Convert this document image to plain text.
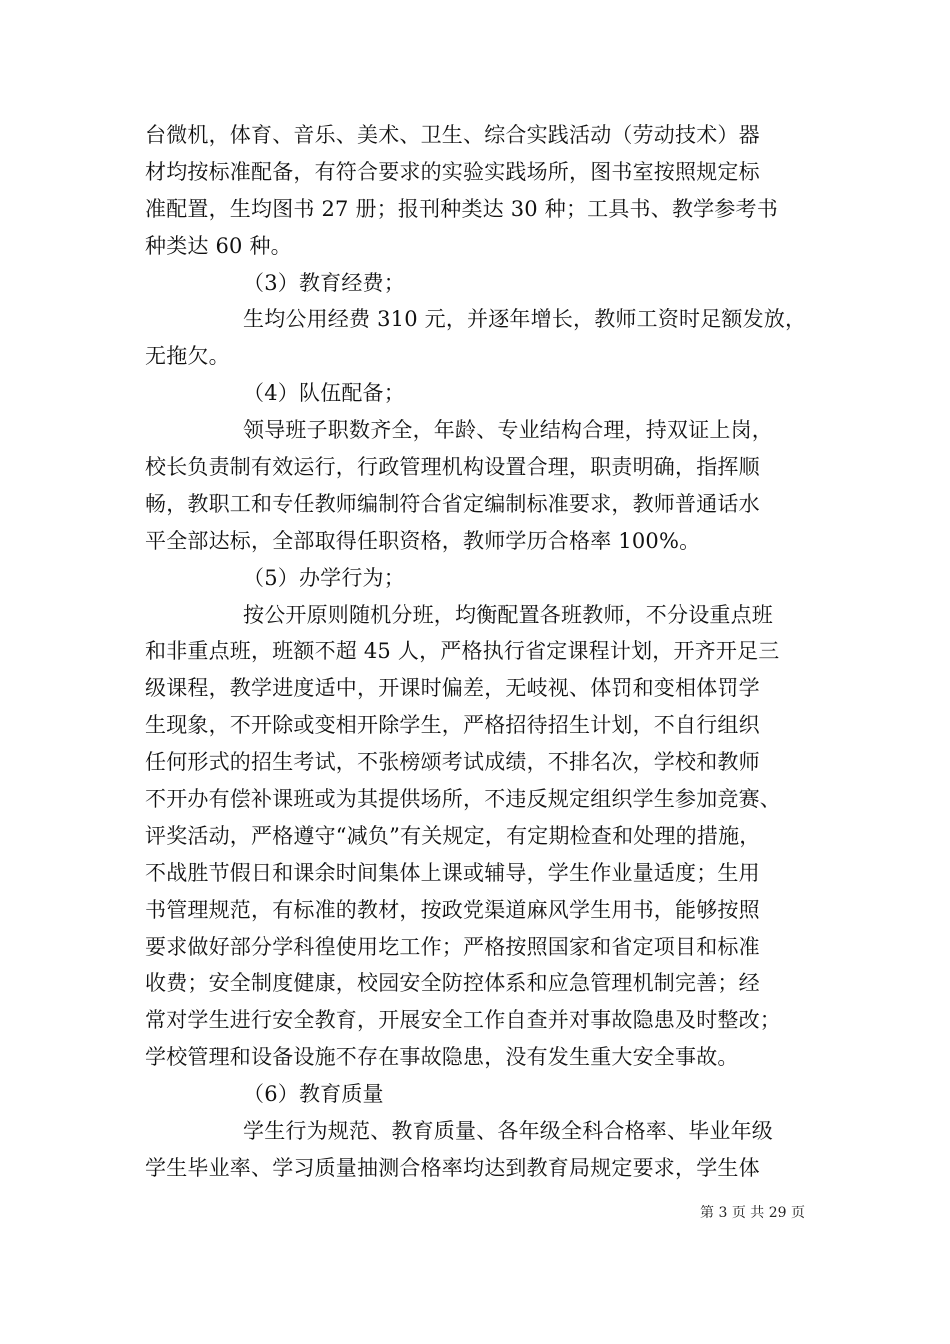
台微机，体育、音乐、美术、卫生、综合实践活动（劳动技术）器
材均按标准配备，有符合要求的实验实践场所，图书室按照规定标
准配置，生均图书 27 册；报刊种类达 30 种；工具书、教学参考书
种类达 60 种。
（3）教育经费；
生均公用经费 310 元，并逐年增长，教师工资时足额发放，
无拖欠。
（4）队伍配备；
领导班子职数齐全，年龄、专业结构合理，持双证上岗，
校长负责制有效运行，行政管理机构设置合理，职责明确，指挥顺
畅，教职工和专任教师编制符合省定编制标准要求，教师普通话水
平全部达标，全部取得任职资格，教师学历合格率 100%。
（5）办学行为；
按公开原则随机分班，均衡配置各班教师，不分设重点班
和非重点班，班额不超 45 人，严格执行省定课程计划，开齐开足三
级课程，教学进度适中，开课时偏差，无岐视、体罚和变相体罚学
生现象，不开除或变相开除学生，严格招待招生计划，不自行组织
任何形式的招生考试，不张榜颂考试成绩，不排名次，学校和教师
不开办有偿补课班或为其提供场所，不违反规定组织学生参加竞赛、
评奖活动，严格遵守“减负”有关规定，有定期检查和处理的措施，
不战胜节假日和课余时间集体上课或辅导，学生作业量适度；生用
书管理规范，有标准的教材，按政党渠道麻风学生用书，能够按照
要求做好部分学科徨使用圪工作；严格按照国家和省定项目和标准
收费；安全制度健康，校园安全防控体系和应急管理机制完善；经
常对学生进行安全教育，开展安全工作自查并对事故隐患及时整改；
学校管理和设备设施不存在事故隐患，没有发生重大安全事故。
（6）教育质量
学生行为规范、教育质量、各年级全科合格率、毕业年级
学生毕业率、学习质量抽测合格率均达到教育局规定要求，学生体
第 3 页 共 29 页
